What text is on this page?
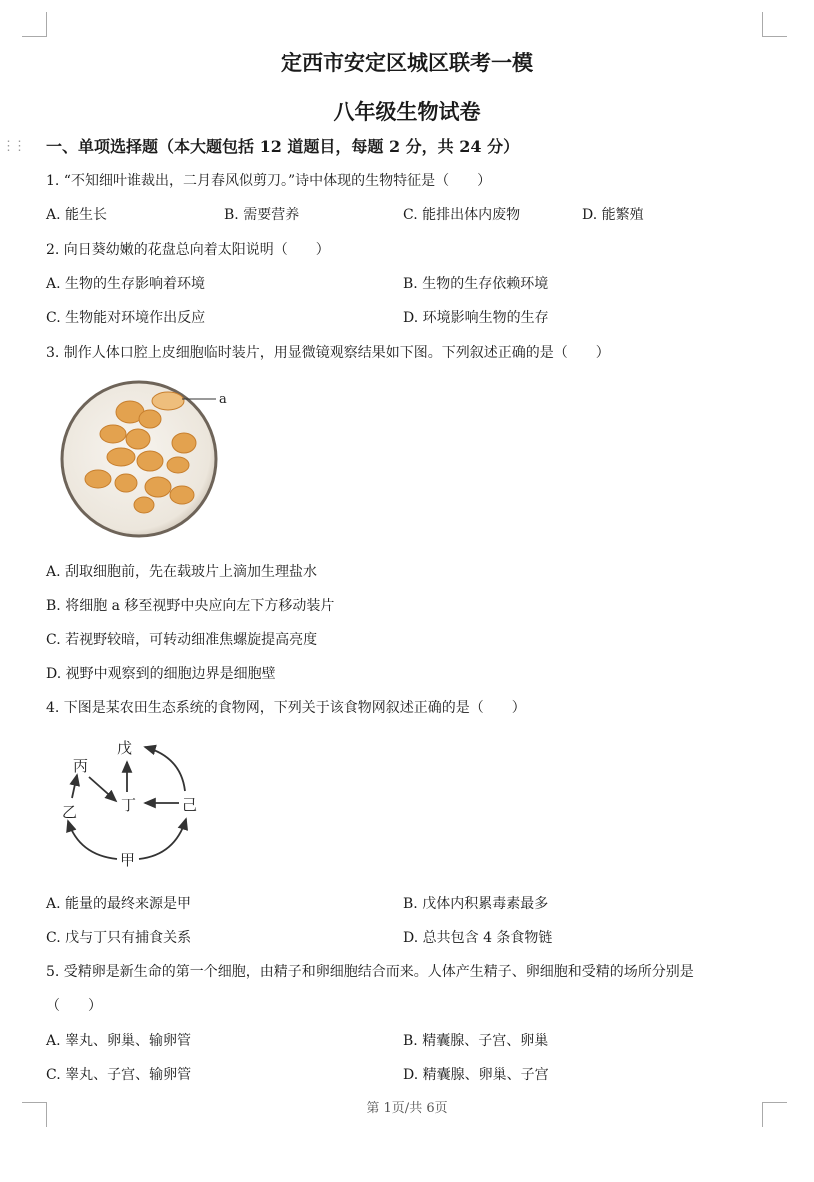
⋮⋮
定西市安定区城区联考一模
八年级生物试卷
一、单项选择题（本大题包括 12 道题目，每题 2 分，共 24 分）
1. “不知细叶谁裁出，二月春风似剪刀。”诗中体现的生物特征是（　　）
A. 能生长	B. 需要营养	C. 能排出体内废物	D. 能繁殖
2. 向日葵幼嫩的花盘总向着太阳说明（　　）
A. 生物的生存影响着环境	B. 生物的生存依赖环境
C. 生物能对环境作出反应	D. 环境影响生物的生存
3. 制作人体口腔上皮细胞临时装片，用显微镜观察结果如下图。下列叙述正确的是（　　）
a
A. 刮取细胞前，先在载玻片上滴加生理盐水
B. 将细胞 a 移至视野中央应向左下方移动装片
C. 若视野较暗，可转动细准焦螺旋提高亮度
D. 视野中观察到的细胞边界是细胞壁
4. 下图是某农田生态系统的食物网，下列关于该食物网叙述正确的是（　　）
戊
丙
乙	丁	己
甲
A. 能量的最终来源是甲	B. 戊体内积累毒素最多
C. 戊与丁只有捕食关系	D. 总共包含 4 条食物链
5. 受精卵是新生命的第一个细胞，由精子和卵细胞结合而来。人体产生精子、卵细胞和受精的场所分别是
（　　）
A. 睾丸、卵巢、输卵管	B. 精囊腺、子宫、卵巢
C. 睾丸、子宫、输卵管	D. 精囊腺、卵巢、子宫
第 1页/共 6页
